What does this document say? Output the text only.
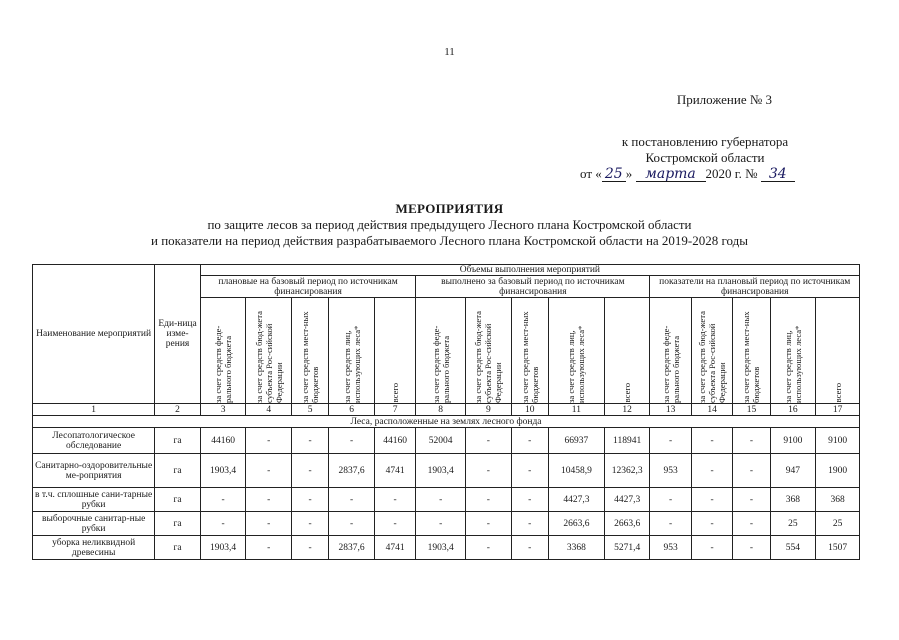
11
Приложение № 3
к постановлению губернатора
Костромской области
от « 25 » марта 2020 г. № 34
МЕРОПРИЯТИЯ
по защите лесов за период действия предыдущего Лесного плана Костромской области
и показатели на период действия разрабатываемого Лесного плана Костромской области на 2019-2028 годы
Наименование мероприятий	Еди-ница изме-рения	Объемы выполнения мероприятий														
		плановые на базовый период по источникам финансирования					выполнено за базовый период по источникам финансирования					показатели на плановый период по источникам финансирования				

		за счет средств феде-рального бюджета	за счет средств бюд-жета субъекта Рос-сийской Федерации	за счет средств мест-ных бюджетов	за счет средств лиц, использующих леса*	всего	за счет средств феде-рального бюджета	за счет средств бюд-жета субъекта Рос-сийской Федерации	за счет средств мест-ных бюджетов	за счет средств лиц, использующих леса*	всего	за счет средств феде-рального бюджета	за счет средств бюд-жета субъекта Рос-сийской Федерации	за счет средств мест-ных бюджетов	за счет средств лиц, использующих леса*	всего

1	2	3	4	5	6	7	8	9	10	11	12	13	14	15	16	17
Леса, расположенные на землях лесного фонда																
Лесопатологическое обследование	га	44160	-	-	-	44160	52004	-	-	66937	118941	-	-	-	9100	9100
Санитарно-оздоровительные ме-роприятия	га	1903,4	-	-	2837,6	4741	1903,4	-	-	10458,9	12362,3	953	-	-	947	1900
в т.ч. сплошные сани-тарные рубки	га	-	-	-	-	-	-	-	-	4427,3	4427,3	-	-	-	368	368
выборочные санитар-ные рубки	га	-	-	-	-	-	-	-	-	2663,6	2663,6	-	-	-	25	25
уборка неликвидной древесины	га	1903,4	-	-	2837,6	4741	1903,4	-	-	3368	5271,4	953	-	-	554	1507
